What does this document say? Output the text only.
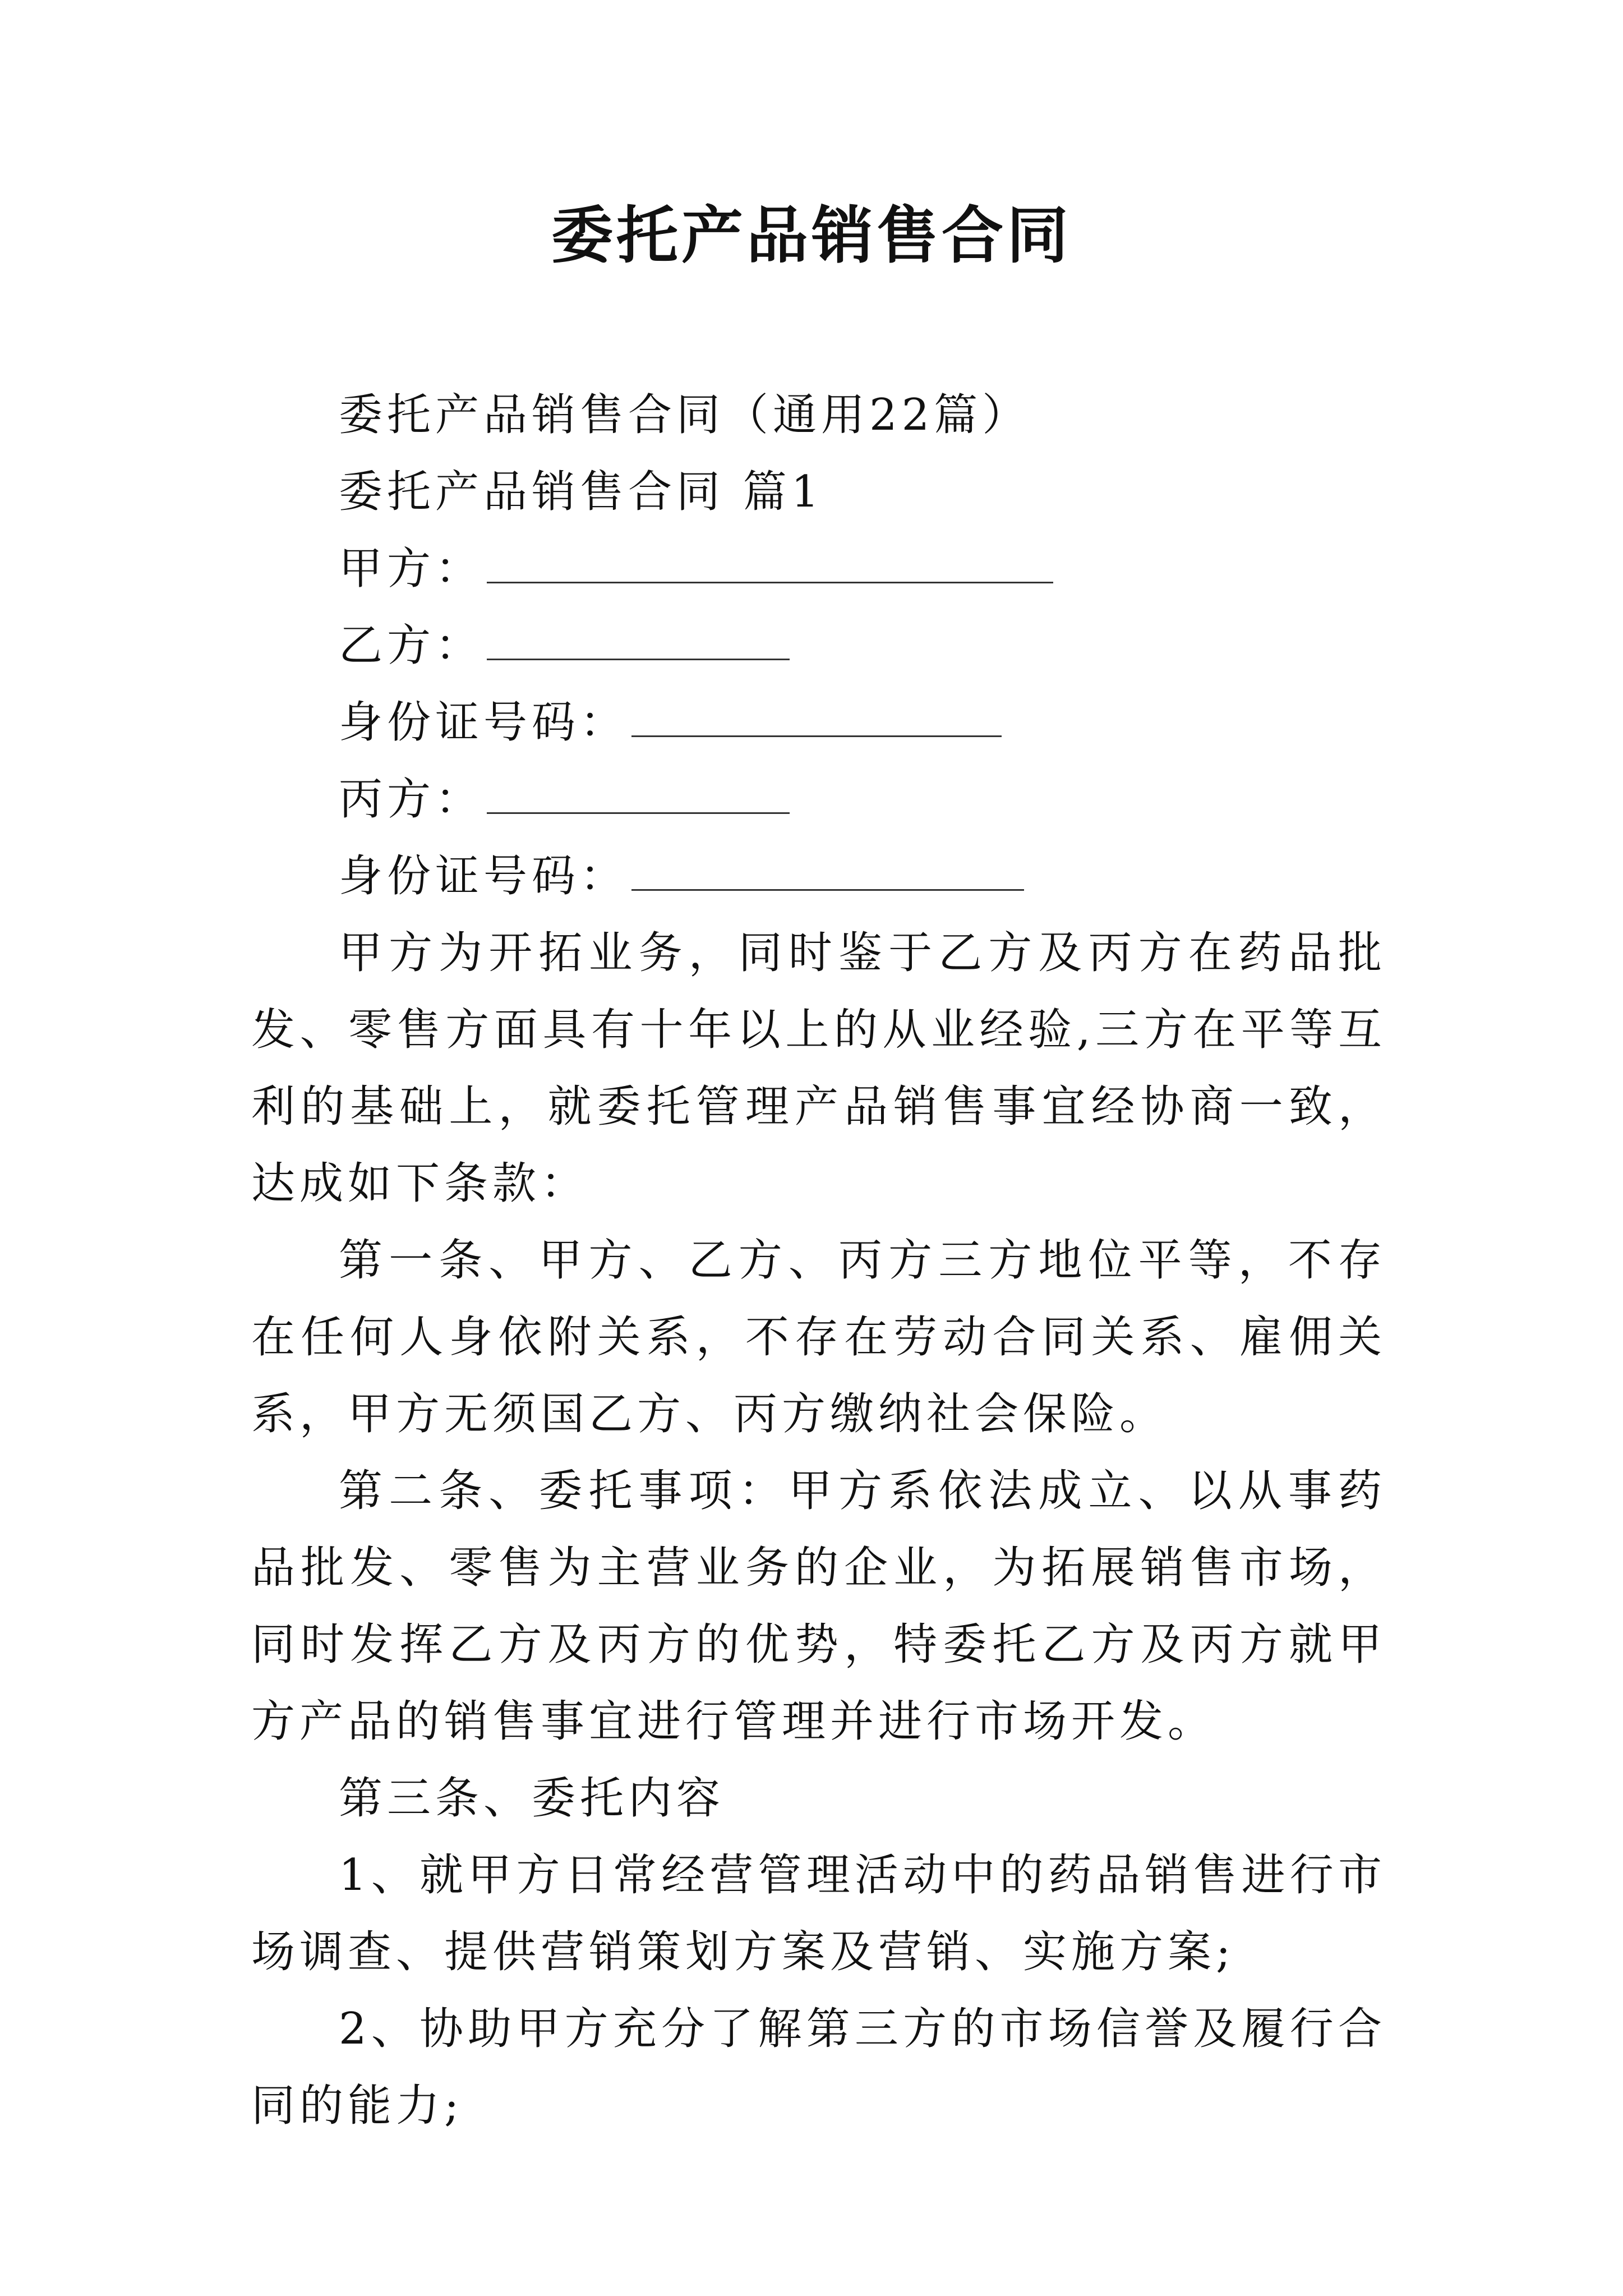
委托产品销售合同
委托产品销售合同（通用22篇）
委托产品销售合同 篇1
甲方：
乙方：
身份证号码：
丙方：
身份证号码：
甲方为开拓业务，同时鉴于乙方及丙方在药品批发、零售方面具有十年以上的从业经验,三方在平等互利的基础上，就委托管理产品销售事宜经协商一致，达成如下条款：
第一条、甲方、乙方、丙方三方地位平等，不存在任何人身依附关系，不存在劳动合同关系、雇佣关系，甲方无须国乙方、丙方缴纳社会保险。
第二条、委托事项：甲方系依法成立、以从事药品批发、零售为主营业务的企业，为拓展销售市场，同时发挥乙方及丙方的优势，特委托乙方及丙方就甲方产品的销售事宜进行管理并进行市场开发。
第三条、委托内容
1、就甲方日常经营管理活动中的药品销售进行市场调查、提供营销策划方案及营销、实施方案;
2、协助甲方充分了解第三方的市场信誉及履行合同的能力;
